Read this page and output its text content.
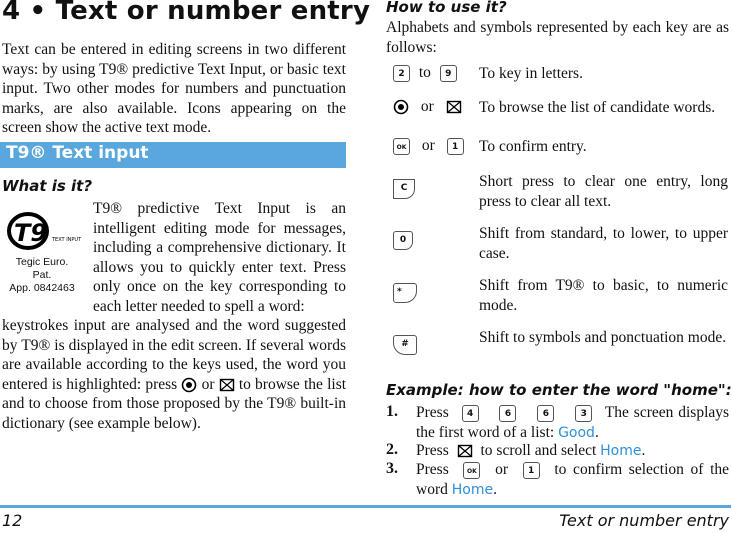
4 • Text or number entry
Text can be entered in editing screens in two different ways: by using T9® predictive Text Input, or basic text input. Two other modes for numbers and punctuation marks, are also available. Icons appearing on the screen show the active text mode.
T9® Text input
What is it?
T9 TEXT INPUT
Tegic Euro. Pat.
App. 0842463
T9® predictive Text Input is an intelligent editing mode for messages, including a comprehensive dictionary. It allows you to quickly enter text. Press only once on the key corresponding to each letter needed to spell a word:
keystrokes input are analysed and the word suggested by T9® is displayed in the edit screen. If several words are available according to the keys used, the word you entered is highlighted: press or to browse the list and to choose from those proposed by the T9® built-in dictionary (see example below).
How to use it?
Alphabets and symbols represented by each key are as follows:
2 to 9	To key in letters.
or	To browse the list of candidate words.
OK or 1	To confirm entry.
C	Short press to clear one entry, long press to clear all text.
0	Shift from standard, to lower, to upper case.
*	Shift from T9® to basic, to numeric mode.
#	Shift to symbols and ponctuation mode.
Example: how to enter the word "home":
1. Press 4	6	6	3 The screen displays the first word of a list: Good.
2. Press to scroll and select Home.
3. Press	OK or 1 to confirm selection of the word Home.
12	Text or number entry
